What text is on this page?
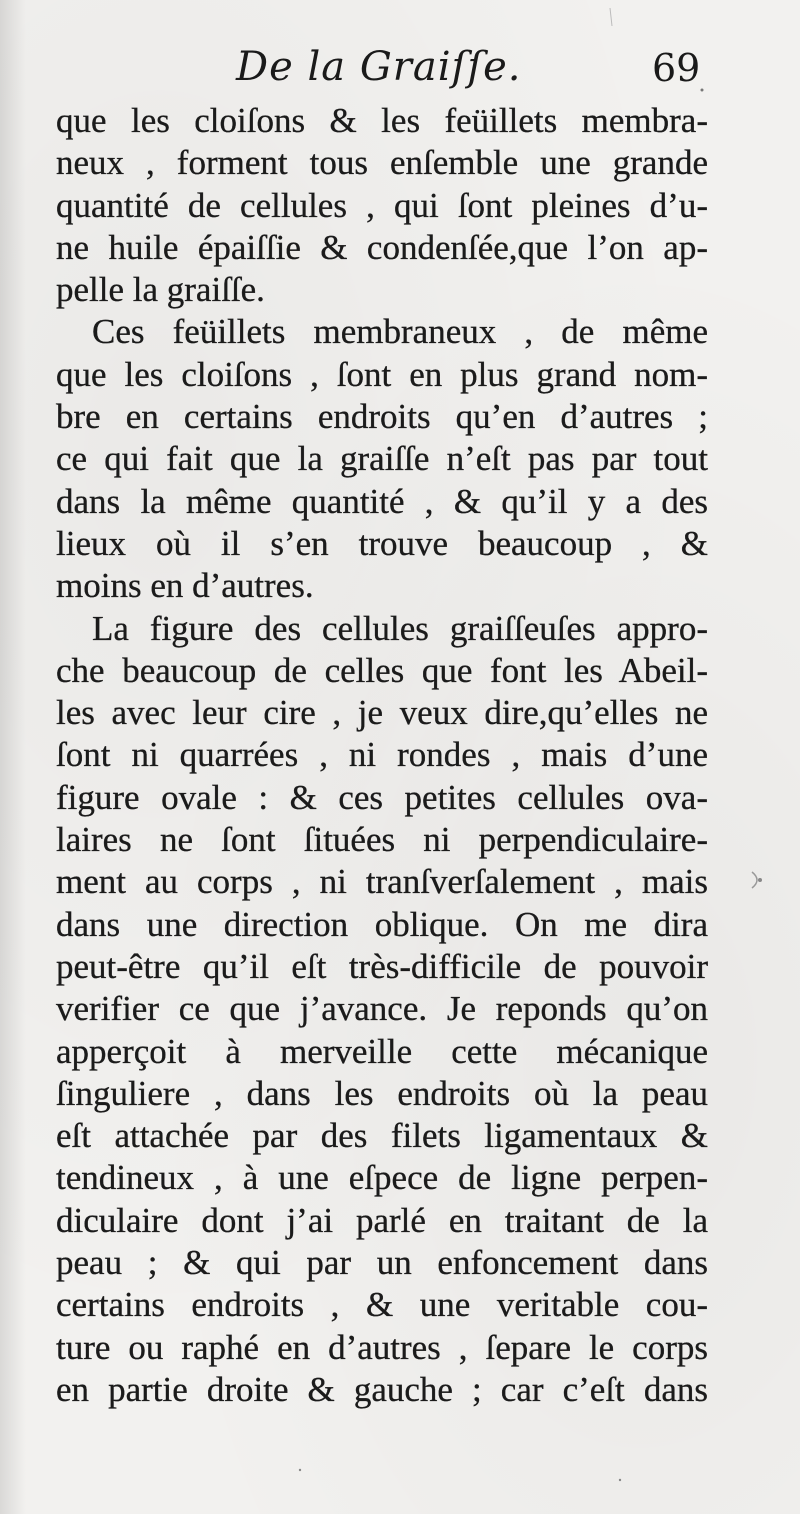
De la Graiſſe.	69
que les cloiſons & les feüillets membra-
neux , forment tous enſemble une grande
quantité de cellules , qui ſont pleines d’u-
ne huile épaiſſie & condenſée,que l’on ap-
pelle la graiſſe.
Ces feüillets membraneux , de même
que les cloiſons , ſont en plus grand nom-
bre en certains endroits qu’en d’autres ;
ce qui fait que la graiſſe n’eſt pas par tout
dans la même quantité , & qu’il y a des
lieux où il s’en trouve beaucoup , &
moins en d’autres.
La figure des cellules graiſſeuſes appro-
che beaucoup de celles que font les Abeil-
les avec leur cire , je veux dire,qu’elles ne
ſont ni quarrées , ni rondes , mais d’une
figure ovale : & ces petites cellules ova-
laires ne ſont ſituées ni perpendiculaire-
ment au corps , ni tranſverſalement , mais
dans une direction oblique. On me dira
peut-être qu’il eſt très-difficile de pouvoir
verifier ce que j’avance. Je reponds qu’on
apperçoit à merveille cette mécanique
ſinguliere , dans les endroits où la peau
eſt attachée par des filets ligamentaux &
tendineux , à une eſpece de ligne perpen-
diculaire dont j’ai parlé en traitant de la
peau ; & qui par un enfoncement dans
certains endroits , & une veritable cou-
ture ou raphé en d’autres , ſepare le corps
en partie droite & gauche ; car c’eſt dans
